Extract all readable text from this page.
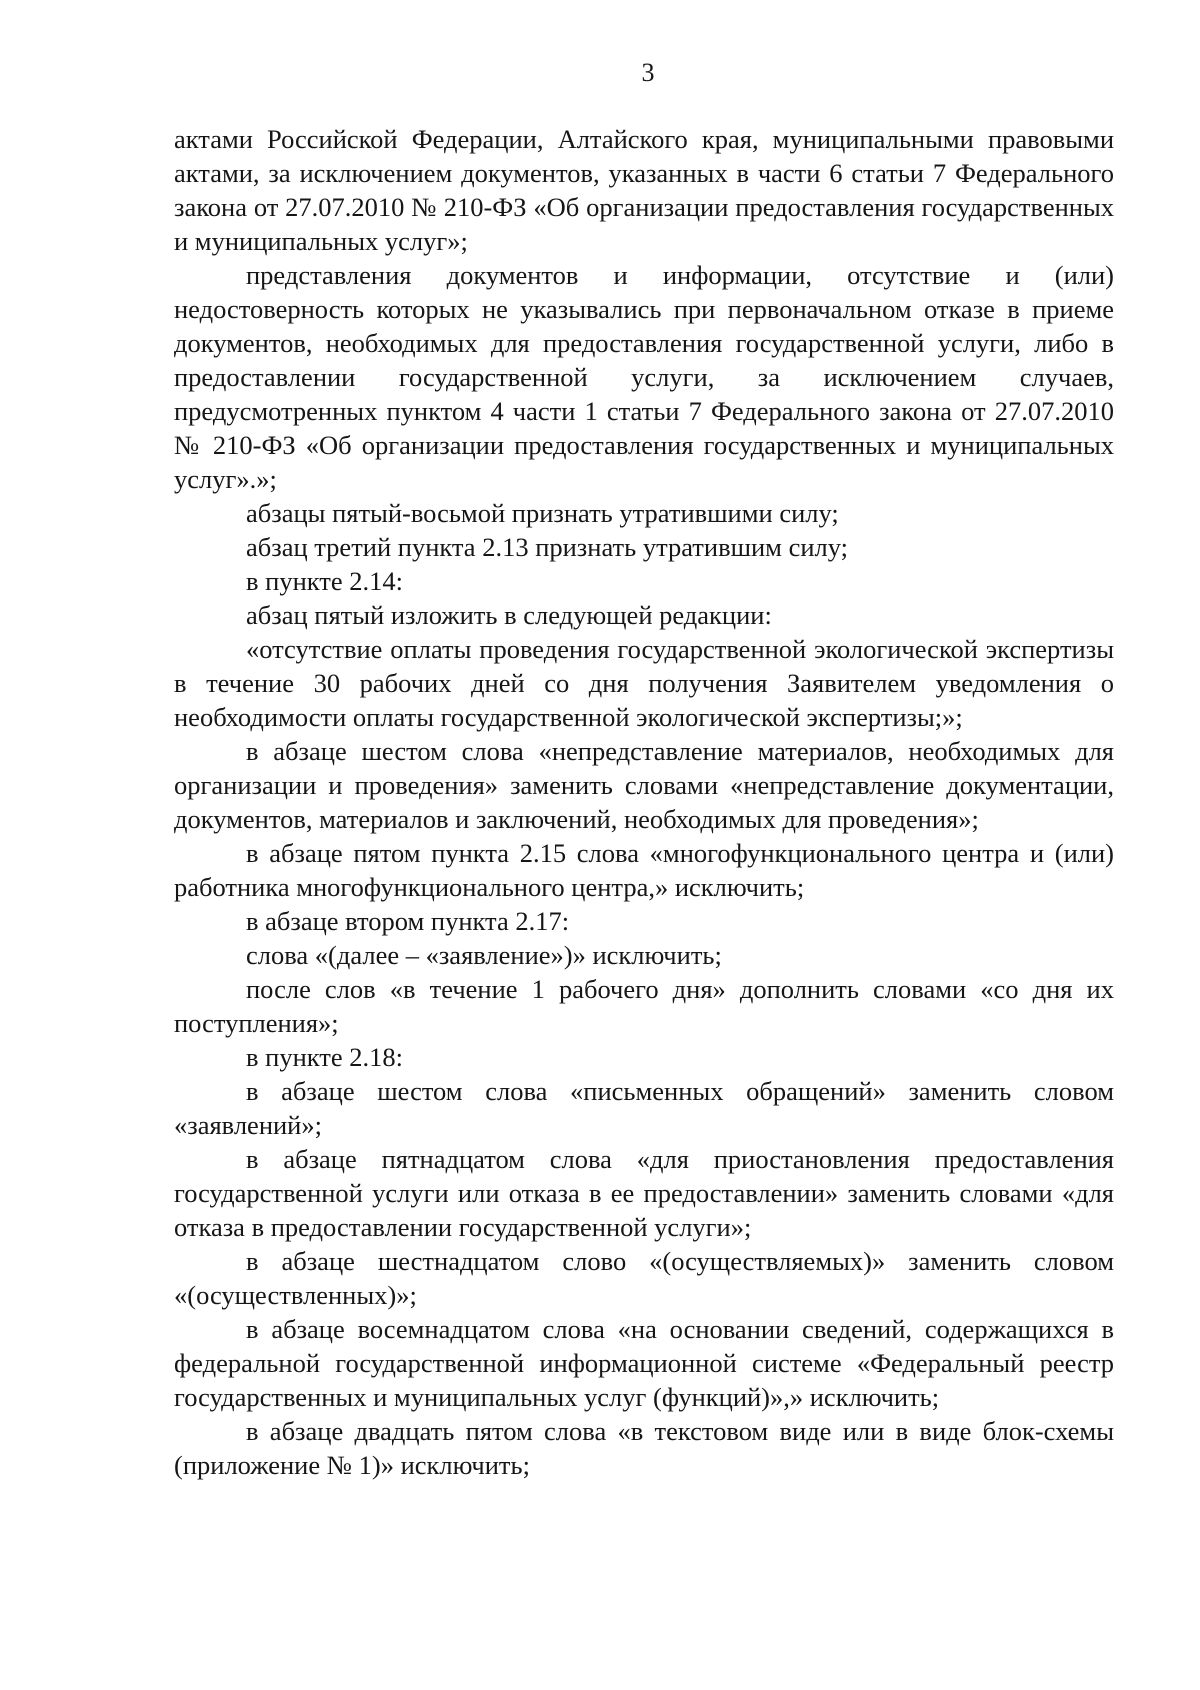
3

актами Российской Федерации, Алтайского края, муниципальными правовыми актами, за исключением документов, указанных в части 6 статьи 7 Федерального закона от 27.07.2010 № 210-ФЗ «Об организации предоставления государственных и муниципальных услуг»;

представления документов и информации, отсутствие и (или) недостоверность которых не указывались при первоначальном отказе в приеме документов, необходимых для предоставления государственной услуги, либо в предоставлении государственной услуги, за исключением случаев, предусмотренных пунктом 4 части 1 статьи 7 Федерального закона от 27.07.2010 № 210-ФЗ «Об организации предоставления государственных и муниципальных услуг».»;

абзацы пятый-восьмой признать утратившими силу;

абзац третий пункта 2.13 признать утратившим силу;

в пункте 2.14:

абзац пятый изложить в следующей редакции:

«отсутствие оплаты проведения государственной экологической экспертизы в течение 30 рабочих дней со дня получения Заявителем уведомления о необходимости оплаты государственной экологической экспертизы;»;

в абзаце шестом слова «непредставление материалов, необходимых для организации и проведения» заменить словами «непредставление документации, документов, материалов и заключений, необходимых для проведения»;

в абзаце пятом пункта 2.15 слова «многофункционального центра и (или) работника многофункционального центра,» исключить;

в абзаце втором пункта 2.17:

слова «(далее – «заявление»)» исключить;

после слов «в течение 1 рабочего дня» дополнить словами «со дня их поступления»;

в пункте 2.18:

в абзаце шестом слова «письменных обращений» заменить словом «заявлений»;

в абзаце пятнадцатом слова «для приостановления предоставления государственной услуги или отказа в ее предоставлении» заменить словами «для отказа в предоставлении государственной услуги»;

в абзаце шестнадцатом слово «(осуществляемых)» заменить словом «(осуществленных)»;

в абзаце восемнадцатом слова «на основании сведений, содержащихся в федеральной государственной информационной системе «Федеральный реестр государственных и муниципальных услуг (функций)»,» исключить;

в абзаце двадцать пятом слова «в текстовом виде или в виде блок-схемы (приложение № 1)» исключить;
